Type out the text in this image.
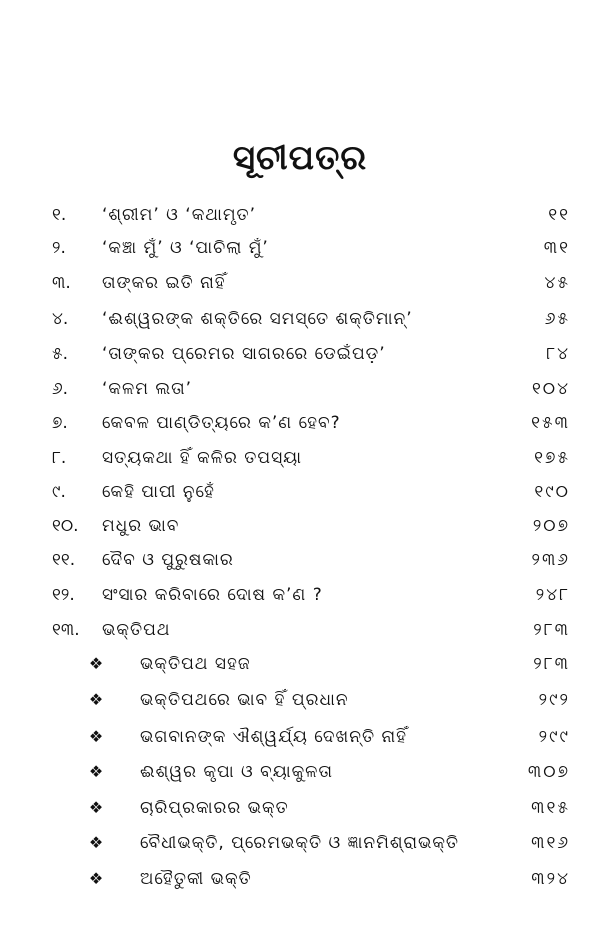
ସୂଚୀପତ୍ର
୧. ‘ଶ୍ରୀମ’ ଓ ‘କଥାମୃତ’	୧୧
୨. ‘କଞ୍ଚା ମୁଁ’ ଓ ‘ପାଚିଲା ମୁଁ’	୩୧
୩. ତାଙ୍କର ଇତି ନାହିଁ	୪୫
୪. ‘ଈଶ୍ୱରଙ୍କ ଶକ୍ତିରେ ସମସ୍ତେ ଶକ୍ତିମାନ୍’	୬୫
୫. ‘ତାଙ୍କର ପ୍ରେମର ସାଗରରେ ଡେଇଁପଡ଼’	୮୪
୬. ‘କଳମ ଲତା’	୧୦୪
୭. କେବଳ ପାଣ୍ଡିତ୍ୟରେ କ’ଣ ହେବ?	୧୫୩
୮. ସତ୍ୟକଥା ହିଁ କଳିର ତପସ୍ୟା	୧୭୫
୯. କେହି ପାପୀ ନୁହେଁ	୧୯୦
୧୦. ମଧୁର ଭାବ	୨୦୭
୧୧. ଦୈବ ଓ ପୁରୁଷକାର	୨୩୬
୧୨. ସଂସାର କରିବାରେ ଦୋଷ କ’ଣ ?	୨୪୮
୧୩. ଭକ୍ତିପଥ	୨୮୩
❖ ଭକ୍ତିପଥ ସହଜ	୨୮୩
❖ ଭକ୍ତିପଥରେ ଭାବ ହିଁ ପ୍ରଧାନ	୨୯୨
❖ ଭଗବାନଙ୍କ ଐଶ୍ୱର୍ଯ୍ୟ ଦେଖନ୍ତି ନାହିଁ	୨୯୯
❖ ଈଶ୍ୱର କୃପା ଓ ବ୍ୟାକୁଳତା	୩୦୭
❖ ଚାରିପ୍ରକାରର ଭକ୍ତ	୩୧୫
❖ ବୈଧୀଭକ୍ତି, ପ୍ରେମଭକ୍ତି ଓ ଜ୍ଞାନମିଶ୍ରାଭକ୍ତି	୩୧୬
❖ ଅହୈତୁକୀ ଭକ୍ତି	୩୨୪
